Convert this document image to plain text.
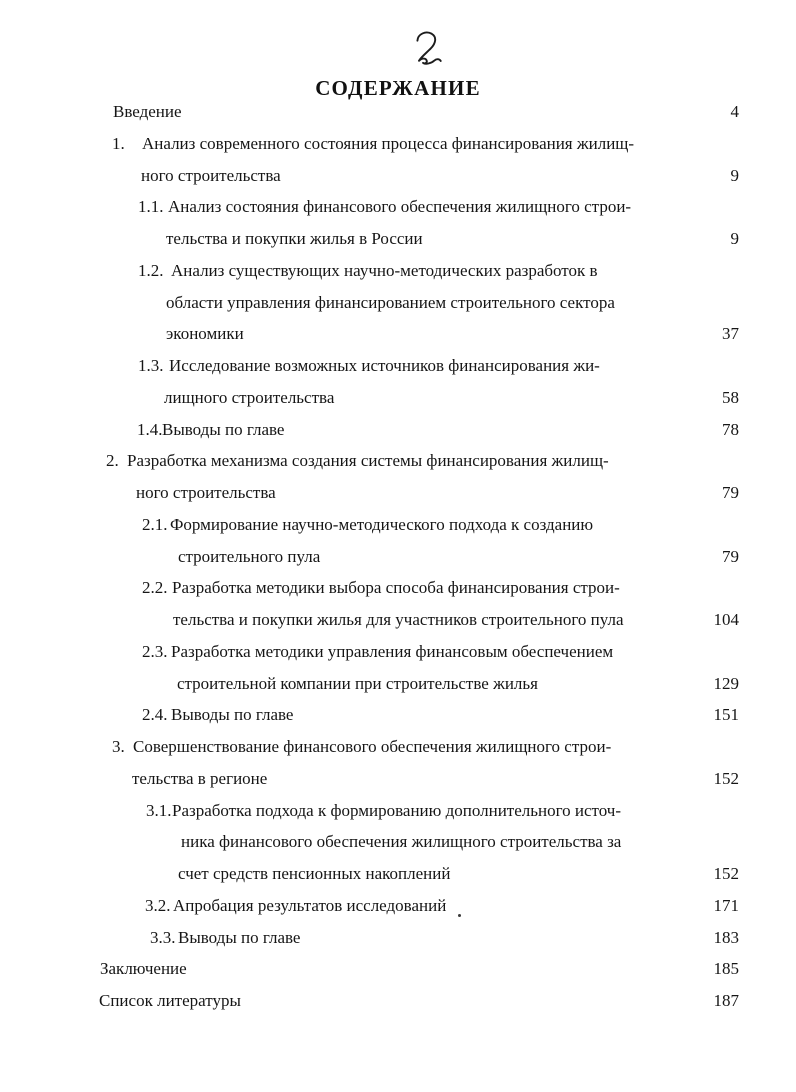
СОДЕРЖАНИЕ
Введение	4
1.	Анализ современного состояния процесса финансирования жилищ-
ного строительства	9
1.1. Анализ состояния финансового обеспечения жилищного строи-
тельства и покупки жилья в России	9
1.2. Анализ существующих научно-методических разработок в
области управления финансированием строительного сектора
экономики	37
1.3. Исследование возможных источников финансирования жи-
лищного строительства	58
1.4. Выводы по главе	78
2. Разработка механизма создания системы финансирования жилищ-
ного строительства	79
2.1. Формирование научно-методического подхода к созданию
строительного пула	79
2.2. Разработка методики выбора способа финансирования строи-
тельства и покупки жилья для участников строительного пула	104
2.3. Разработка методики управления финансовым обеспечением
строительной компании при строительстве жилья	129
2.4. Выводы по главе	151
3. Совершенствование финансового обеспечения жилищного строи-
тельства в регионе	152
3.1. Разработка подхода к формированию дополнительного источ-
ника финансового обеспечения жилищного строительства за
счет средств пенсионных накоплений	152
3.2. Апробация результатов исследований	171
3.3. Выводы по главе	183
Заключение	185
Список литературы	187
